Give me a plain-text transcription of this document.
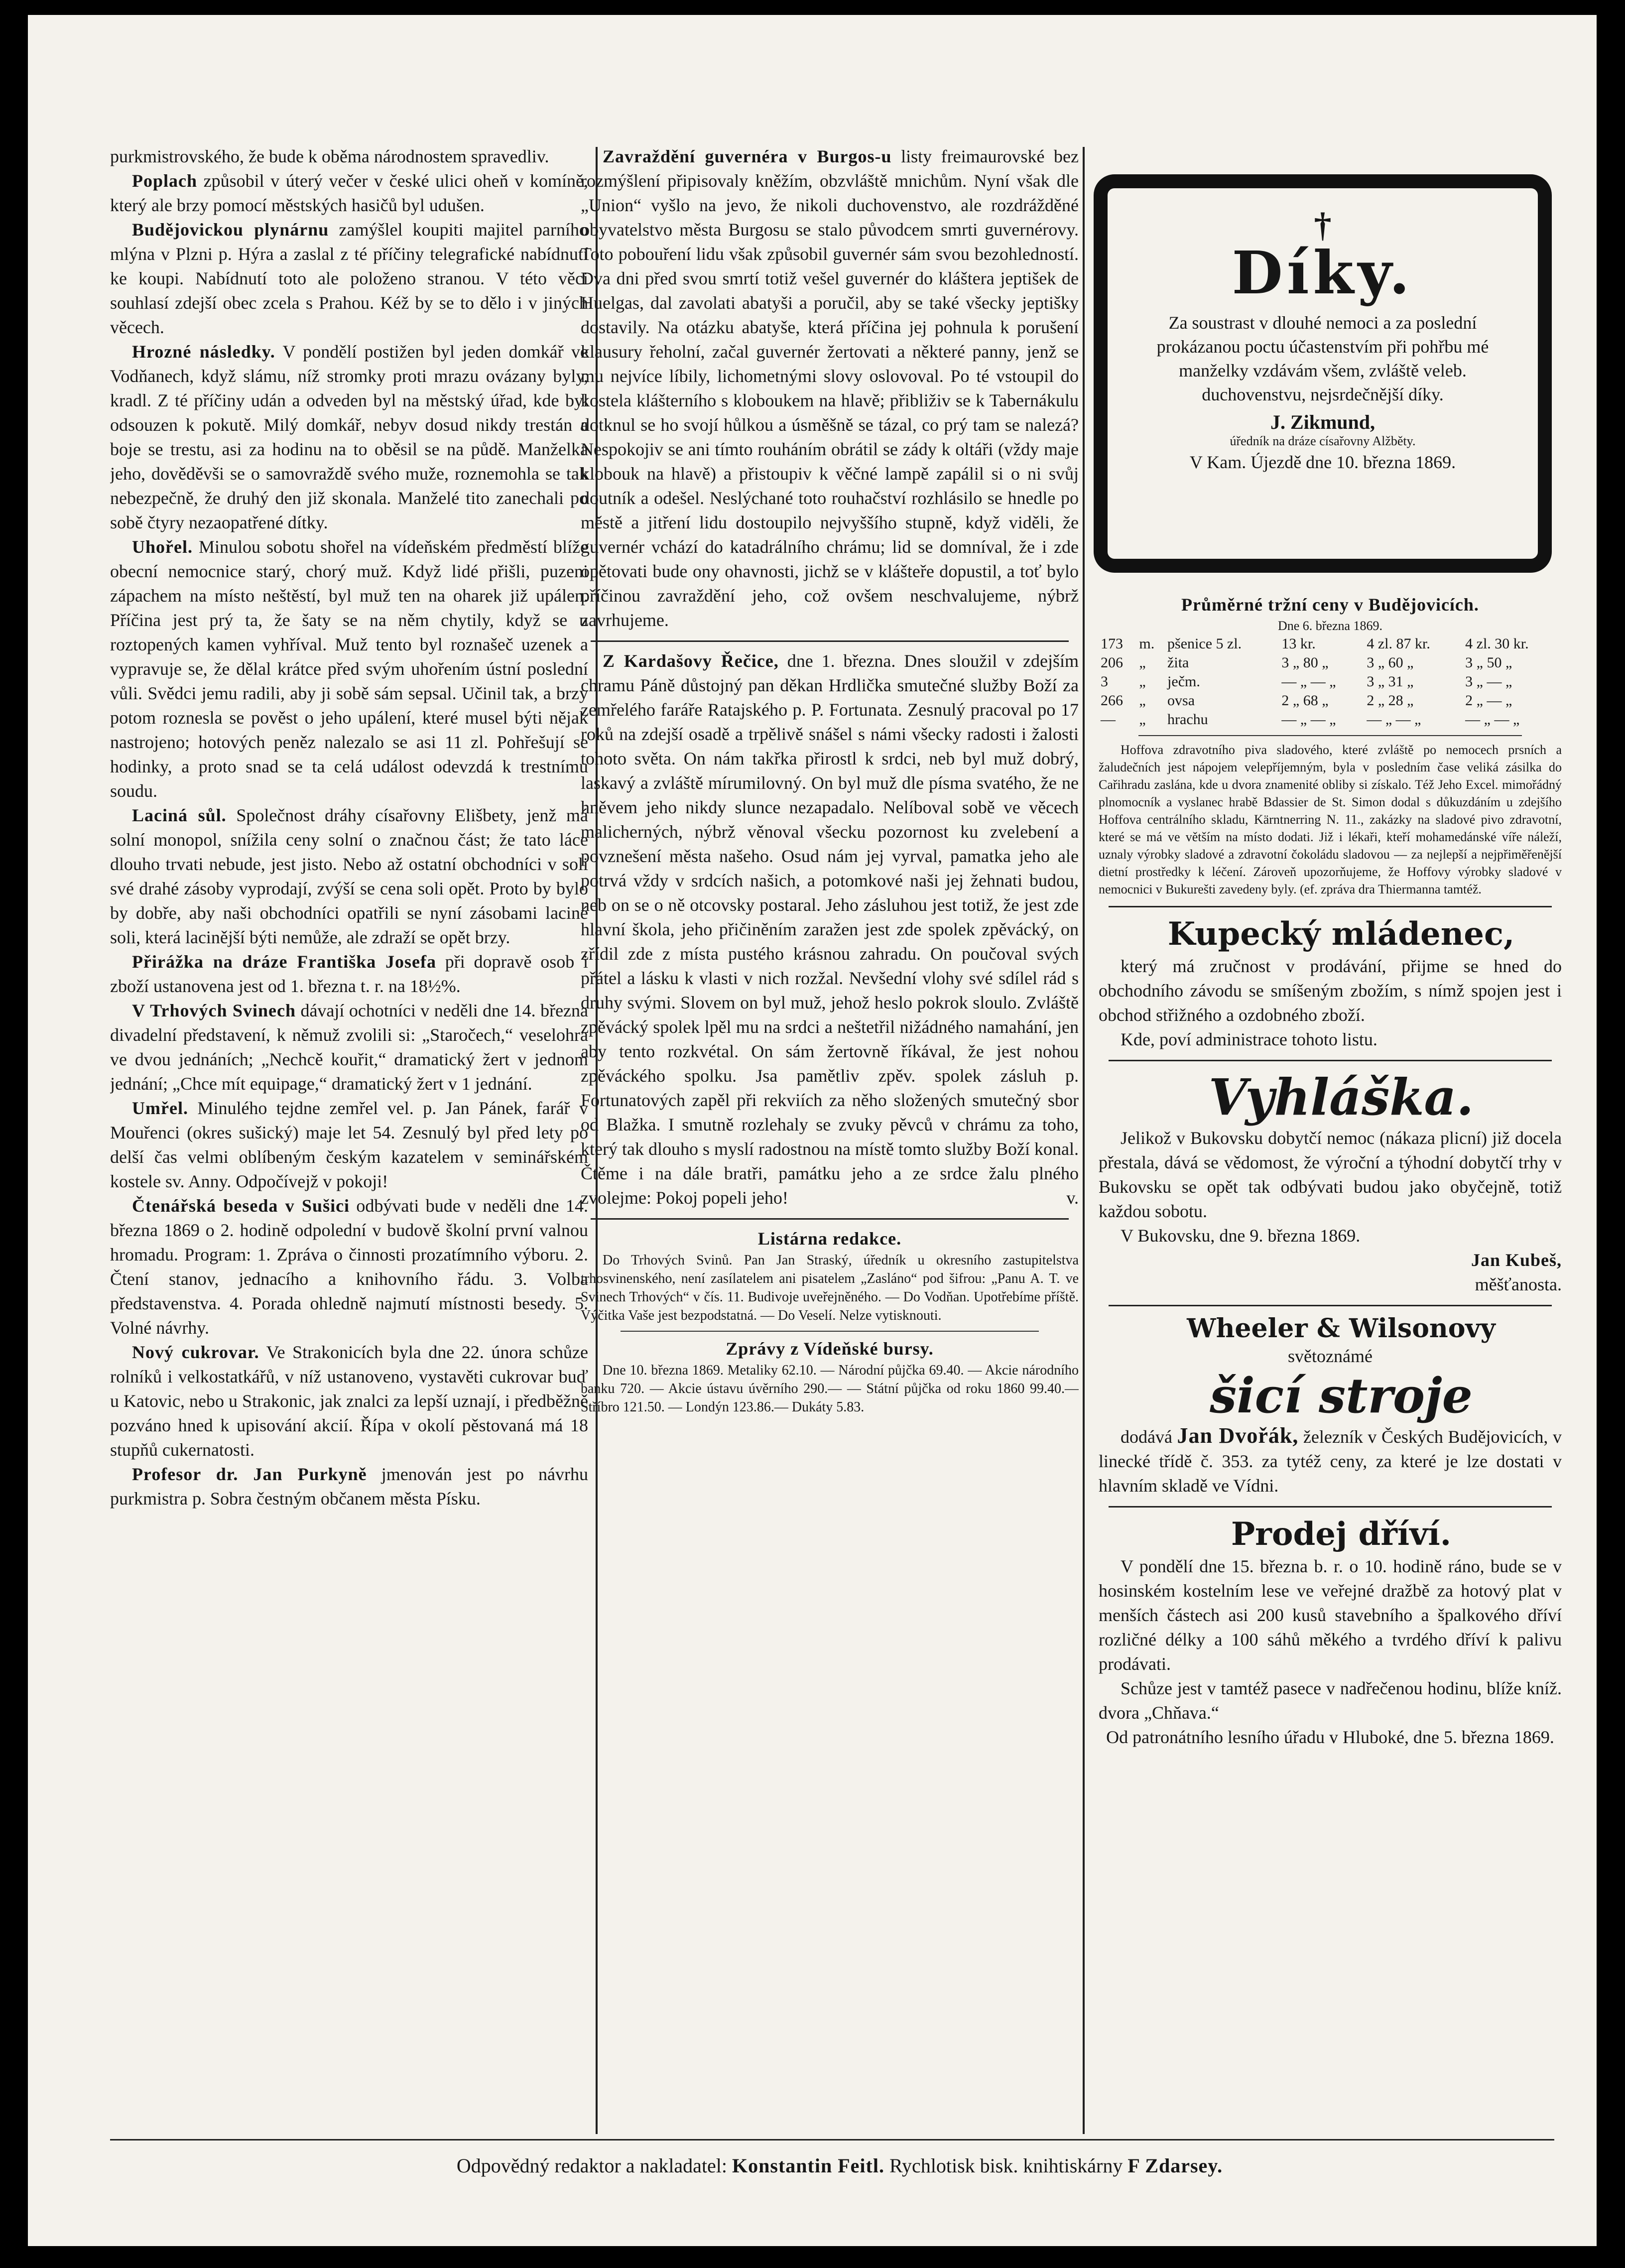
purkmistrovského, že bude k oběma národnostem spravedliv.

Poplach způsobil v úterý večer v české ulici oheň v komíně, který ale brzy pomocí městských hasičů byl udušen.

Budějovickou plynárnu zamýšlel koupiti majitel parního mlýna v Plzni p. Hýra a zaslal z té příčiny telegrafické nabídnutí ke koupi. Nabídnutí toto ale položeno stranou. V této věci souhlasí zdejší obec zcela s Prahou. Kéž by se to dělo i v jiných věcech.

Hrozné následky. V pondělí postižen byl jeden domkář ve Vodňanech, když slámu, níž stromky proti mrazu ovázany byly, kradl. Z té příčiny udán a odveden byl na městský úřad, kde byl odsouzen k pokutě. Milý domkář, nebyv dosud nikdy trestán a boje se trestu, asi za hodinu na to oběsil se na půdě. Manželka jeho, dověděvši se o samovraždě svého muže, roznemohla se tak nebezpečně, že druhý den již skonala. Manželé tito zanechali po sobě čtyry nezaopatřené dítky.

Uhořel. Minulou sobotu shořel na vídeňském předměstí blíže obecní nemocnice starý, chorý muž. Když lidé přišli, puzeni zápachem na místo neštěstí, byl muž ten na oharek již upálen. Příčina jest prý ta, že šaty se na něm chytily, když se u roztopených kamen vyhříval. Muž tento byl roznašeč uzenek a vypravuje se, že dělal krátce před svým uhořením ústní poslední vůli. Svědci jemu radili, aby ji sobě sám sepsal. Učinil tak, a brzy potom roznesla se pověst o jeho upálení, které musel býti nějak nastrojeno; hotových peněz nalezalo se asi 11 zl. Pohřešují se hodinky, a proto snad se ta celá událost odevzdá k trestnímu soudu.

Laciná sůl. Společnost dráhy císařovny Elišbety, jenž má solní monopol, snížila ceny solní o značnou část; že tato láce dlouho trvati nebude, jest jisto. Nebo až ostatní obchodníci v soli své drahé zásoby vyprodají, zvýší se cena soli opět. Proto by bylo by dobře, aby naši obchodníci opatřili se nyní zásobami laciné soli, která lacinější býti nemůže, ale zdraží se opět brzy.

Přirážka na dráze Františka Josefa při dopravě osob i zboží ustanovena jest od 1. března t. r. na 18½%.

V Trhových Svinech dávají ochotníci v neděli dne 14. března divadelní představení, k němuž zvolili si: „Staročech,“ veselohra ve dvou jednáních; „Nechcě kouřit,“ dramatický žert v jednom jednání; „Chce mít equipage,“ dramatický žert v 1 jednání.

Umřel. Minulého tejdne zemřel vel. p. Jan Pánek, farář v Mouřenci (okres sušický) maje let 54. Zesnulý byl před lety po delší čas velmi oblíbeným českým kazatelem v seminářském kostele sv. Anny. Odpočívejž v pokoji!

Čtenářská beseda v Sušici odbývati bude v neděli dne 14. března 1869 o 2. hodině odpolední v budově školní první valnou hromadu. Program: 1. Zpráva o činnosti prozatímního výboru. 2. Čtení stanov, jednacího a knihovního řádu. 3. Volba představenstva. 4. Porada ohledně najmutí místnosti besedy. 5. Volné návrhy.

Nový cukrovar. Ve Strakonicích byla dne 22. února schůze rolníků i velkostatkářů, v níž ustanoveno, vystavěti cukrovar buď u Katovic, nebo u Strakonic, jak znalci za lepší uznají, i předběžně pozváno hned k upisování akcií. Řípa v okolí pěstovaná má 18 stupňů cukernatosti.

Profesor dr. Jan Purkyně jmenován jest po návrhu purkmistra p. Sobra čestným občanem města Písku.

Zavraždění guvernéra v Burgos-u listy freimaurovské bez rozmýšlení připisovaly kněžím, obzvláště mnichům. Nyní však dle „Union“ vyšlo na jevo, že nikoli duchovenstvo, ale rozdrážděné obyvatelstvo města Burgosu se stalo původcem smrti guvernérovy. Toto pobouření lidu však způsobil guvernér sám svou bezohledností. Dva dni před svou smrtí totiž vešel guvernér do kláštera jeptišek de Huelgas, dal zavolati abatyši a poručil, aby se také všecky jeptišky dostavily. Na otázku abatyše, která příčina jej pohnula k porušení klausury řeholní, začal guvernér žertovati a některé panny, jenž se mu nejvíce líbily, lichometnými slovy oslovoval. Po té vstoupil do kostela klášterního s kloboukem na hlavě; přibliživ se k Tabernákulu dotknul se ho svojí hůlkou a úsměšně se tázal, co prý tam se nalezá? Nespokojiv se ani tímto rouháním obrátil se zády k oltáři (vždy maje klobouk na hlavě) a přistoupiv k věčné lampě zapálil si o ni svůj doutník a odešel. Neslýchané toto rouhačství rozhlásilo se hnedle po městě a jitření lidu dostoupilo nejvyššího stupně, když viděli, že guvernér vchází do katadrálního chrámu; lid se domníval, že i zde opětovati bude ony ohavnosti, jichž se v klášteře dopustil, a toť bylo příčinou zavraždění jeho, což ovšem neschvalujeme, nýbrž zavrhujeme.

Z Kardašovy Řečice, dne 1. března. Dnes sloužil v zdejším chramu Páně důstojný pan děkan Hrdlička smutečné služby Boží za zemřelého faráře Ratajského p. P. Fortunata. Zesnulý pracoval po 17 roků na zdejší osadě a trpělivě snášel s námi všecky radosti i žalosti tohoto světa. On nám takřka přirostl k srdci, neb byl muž dobrý, laskavý a zvláště mírumilovný. On byl muž dle písma svatého, že ne hněvem jeho nikdy slunce nezapadalo. Nelíboval sobě ve věcech malicherných, nýbrž věnoval všecku pozornost ku zvelebení a povznešení města našeho. Osud nám jej vyrval, pamatka jeho ale potrvá vždy v srdcích našich, a potomkové naši jej žehnati budou, neb on se o ně otcovsky postaral. Jeho zásluhou jest totiž, že jest zde hlavní škola, jeho přičiněním zaražen jest zde spolek zpěvácký, on zřídil zde z místa pustého krásnou zahradu. On poučoval svých přátel a lásku k vlasti v nich rozžal. Nevšední vlohy své sdílel rád s druhy svými. Slovem on byl muž, jehož heslo pokrok sloulo. Zvláště zpěvácký spolek lpěl mu na srdci a neštetřil nižádného namahání, jen aby tento rozkvétal. On sám žertovně říkával, že jest nohou zpěváckého spolku. Jsa pamětliv zpěv. spolek zásluh p. Fortunatových zapěl při rekviích za něho složených smutečný sbor od Blažka. I smutně rozlehaly se zvuky pěvců v chrámu za toho, který tak dlouho s myslí radostnou na místě tomto služby Boží konal. Čtěme i na dále bratři, památku jeho a ze srdce žalu plného zvolejme: Pokoj popeli jeho!	v.

Listárna redakce.

Do Trhových Svinů. Pan Jan Straský, úředník u okresního zastupitelstva trhosvinenského, není zasílatelem ani pisatelem „Zasláno“ pod šifrou: „Panu A. T. ve Svinech Trhových“ v čís. 11. Budivoje uveřejněného. — Do Vodňan. Upotřebíme příště. Výčitka Vaše jest bezpodstatná. — Do Veselí. Nelze vytisknouti.

Zprávy z Vídeňské bursy.

Dne 10. března 1869. Metaliky 62.10. — Národní půjčka 69.40. — Akcie národního banku 720. — Akcie ústavu úvěrního 290.— — Státní půjčka od roku 1860 99.40.— Stříbro 121.50. — Londýn 123.86.— Dukáty 5.83.

†
Díky.
Za soustrast v dlouhé nemoci a za poslední prokázanou poctu účastenstvím při pohřbu mé manželky vzdávám všem, zvláště veleb. duchovenstvu, nejsrdečnější díky.
J. Zikmund,
úředník na dráze císařovny Alžběty.
V Kam. Újezdě dne 10. března 1869.

Průměrné tržní ceny v Budějovicích.

Dne 6. března 1869.

173	m.	pšenice 5 zl.	13 kr.	4 zl. 87 kr.	4 zl. 30 kr.
206	„	žita	3 „ 80 „	3 „ 60 „	3 „ 50 „
3	„	ječm.	— „ — „	3 „ 31 „	3 „ — „
266	„	ovsa	2 „ 68 „	2 „ 28 „	2 „ — „
—	„	hrachu	— „ — „	— „ — „	— „ — „

Hoffova zdravotního piva sladového, které zvláště po nemocech prsních a žaludečních jest nápojem velepříjemným, byla v posledním čase veliká zásilka do Cařihradu zaslána, kde u dvora znamenité obliby si získalo. Též Jeho Excel. mimořádný plnomocník a vyslanec hrabě Bdassier de St. Simon dodal s důkuzdáním u zdejšího Hoffova centrálního skladu, Kärntnerring N. 11., zakázky na sladové pivo zdravotní, které se má ve větším na místo dodati. Již i lékaři, kteří mohamedánské víře náleží, uznaly výrobky sladové a zdravotní čokoládu sladovou — za nejlepší a nejpřiměřenější dietní prostředky k léčení. Zároveň upozorňujeme, že Hoffovy výrobky sladové v nemocnici v Bukurešti zavedeny byly. (ef. zpráva dra Thiermanna tamtéž.

Kupecký mládenec,

který má zručnost v prodávání, přijme se hned do obchodního závodu se smíšeným zbožím, s nímž spojen jest i obchod střižného a ozdobného zboží.

Kde, poví administrace tohoto listu.

Vyhláška.

Jelikož v Bukovsku dobytčí nemoc (nákaza plicní) již docela přestala, dává se vědomost, že výroční a týhodní dobytčí trhy v Bukovsku se opět tak odbývati budou jako obyčejně, totiž každou sobotu.

V Bukovsku, dne 9. března 1869.

Jan Kubeš,

měšťanosta.

Wheeler & Wilsonovy

světoznámé

šicí stroje

dodává Jan Dvořák, železník v Českých Budějovicích, v linecké třídě č. 353. za tytéž ceny, za které je lze dostati v hlavním skladě ve Vídni.

Prodej dříví.

V pondělí dne 15. března b. r. o 10. hodině ráno, bude se v hosinském kostelním lese ve veřejné dražbě za hotový plat v menších částech asi 200 kusů stavebního a špalkového dříví rozličné délky a 100 sáhů měkého a tvrdého dříví k palivu prodávati.

Schůze jest v tamtéž pasece v nadřečenou hodinu, blíže kníž. dvora „Chňava.“

Od patronátního lesního úřadu v Hluboké, dne 5. března 1869.

Odpovědný redaktor a nakladatel: Konstantin Feitl. Rychlotisk bisk. knihtiskárny F Zdarsey.
